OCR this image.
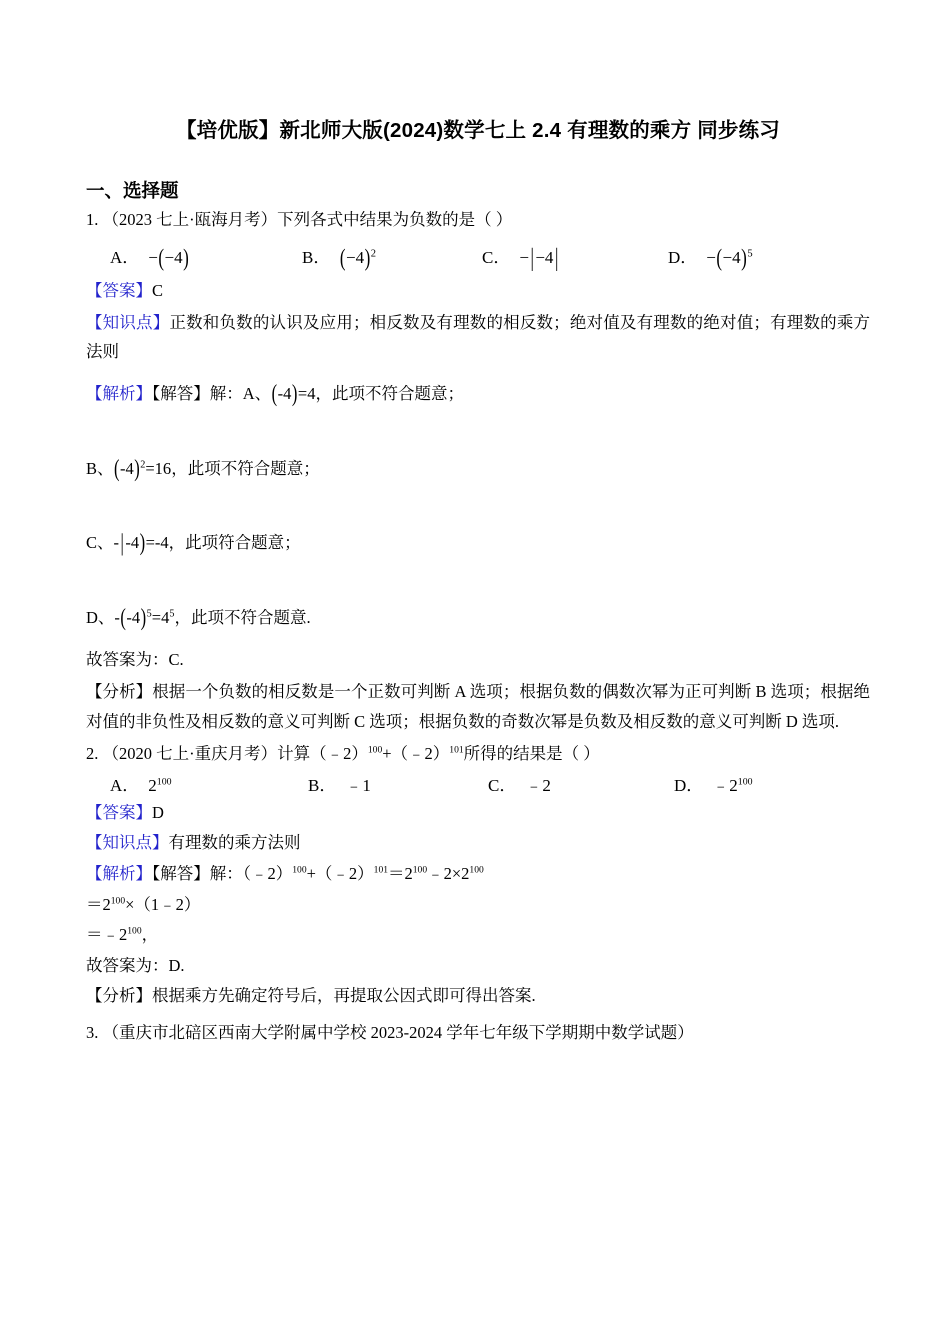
【培优版】新北师大版(2024)数学七上 2.4 有理数的乘方 同步练习
一、选择题
1. （2023 七上·瓯海月考）下列各式中结果为负数的是（ ）
A． −(−4)	B． $(-4)^2$	C． −|−4|	D． $-(-4)^5$
【答案】C
【知识点】正数和负数的认识及应用；相反数及有理数的相反数；绝对值及有理数的绝对值；有理数的乘方法则
【解析】【解答】解：A、(-4)=4，此项不符合题意；
B、$(-4)^2=16$，此项不符合题意；
C、-|-4)=-4，此项符合题意；
D、$-(-4)^5=4^5$，此项不符合题意.
故答案为：C.
【分析】根据一个负数的相反数是一个正数可判断 A 选项；根据负数的偶数次幂为正可判断 B 选项；根据绝对值的非负性及相反数的意义可判断 C 选项；根据负数的奇数次幂是负数及相反数的意义可判断 D 选项.
2. （2020 七上·重庆月考）计算（﹣2）$^{100}$+（﹣2）$^{101}$所得的结果是（ ）
A． $2^{100}$	B． ﹣1	C． ﹣2	D． $﹣2^{100}$
【答案】D
【知识点】有理数的乘方法则
【解析】【解答】解：$(﹣2)^{100}+(﹣2)^{101}=2^{100}﹣2\times 2^{100}$
$=2^{100}\times(1﹣2)$
$=﹣2^{100}$，
故答案为：D.
【分析】根据乘方先确定符号后，再提取公因式即可得出答案.
3. （重庆市北碚区西南大学附属中学校 2023-2024 学年七年级下学期期中数学试题）
